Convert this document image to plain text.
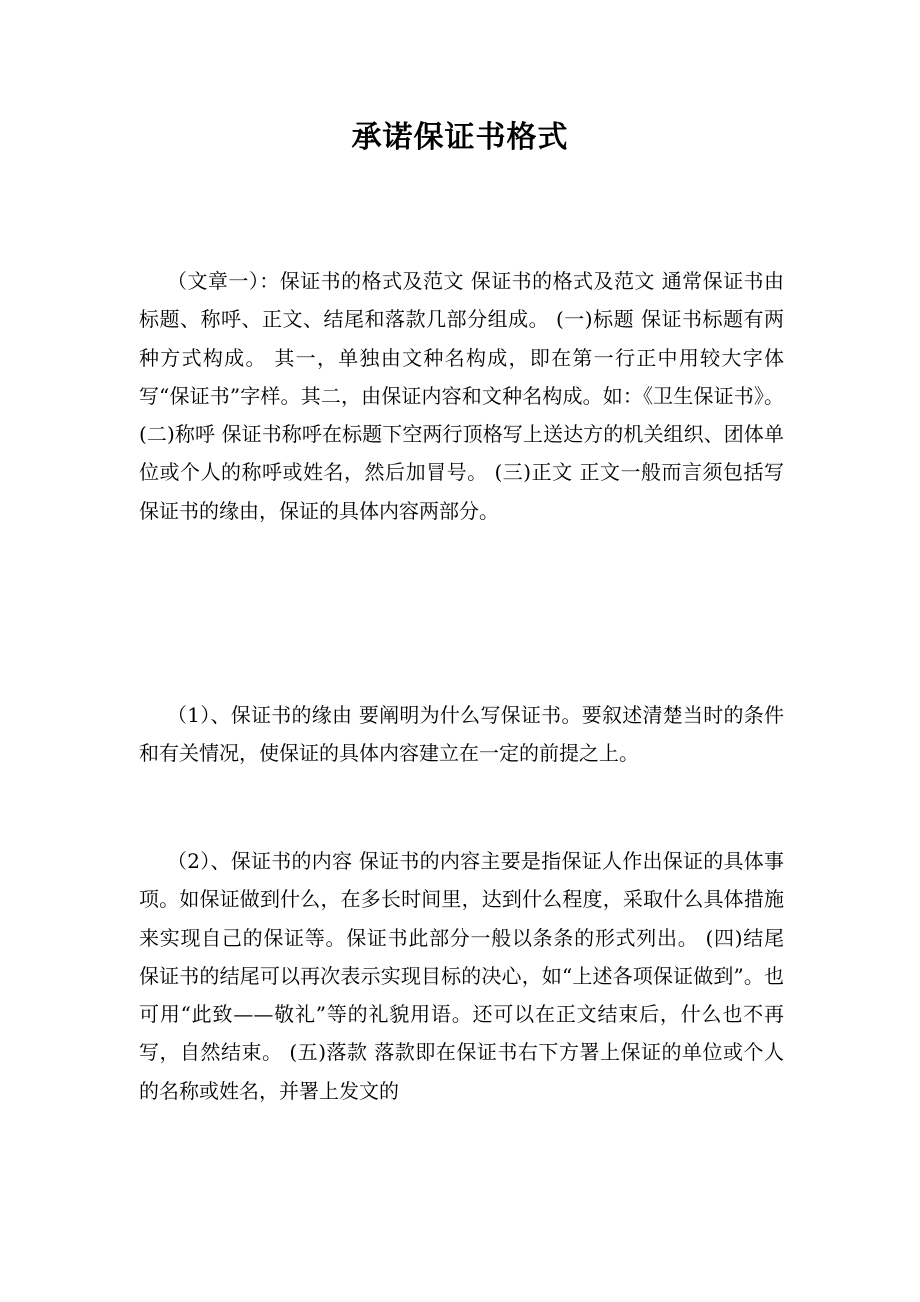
承诺保证书格式

（文章一）：保证书的格式及范文 保证书的格式及范文 通常保证书由标题、称呼、正文、结尾和落款几部分组成。 (一)标题 保证书标题有两种方式构成。 其一，单独由文种名构成，即在第一行正中用较大字体写“保证书”字样。其二，由保证内容和文种名构成。如：《卫生保证书》。 (二)称呼 保证书称呼在标题下空两行顶格写上送达方的机关组织、团体单位或个人的称呼或姓名，然后加冒号。 (三)正文 正文一般而言须包括写保证书的缘由，保证的具体内容两部分。

（1）、保证书的缘由 要阐明为什么写保证书。要叙述清楚当时的条件和有关情况，使保证的具体内容建立在一定的前提之上。

（2）、保证书的内容 保证书的内容主要是指保证人作出保证的具体事项。如保证做到什么，在多长时间里，达到什么程度，采取什么具体措施来实现自己的保证等。保证书此部分一般以条条的形式列出。 (四)结尾 保证书的结尾可以再次表示实现目标的决心，如“上述各项保证做到”。也可用“此致——敬礼”等的礼貌用语。还可以在正文结束后，什么也不再写，自然结束。 (五)落款 落款即在保证书右下方署上保证的单位或个人的名称或姓名，并署上发文的
